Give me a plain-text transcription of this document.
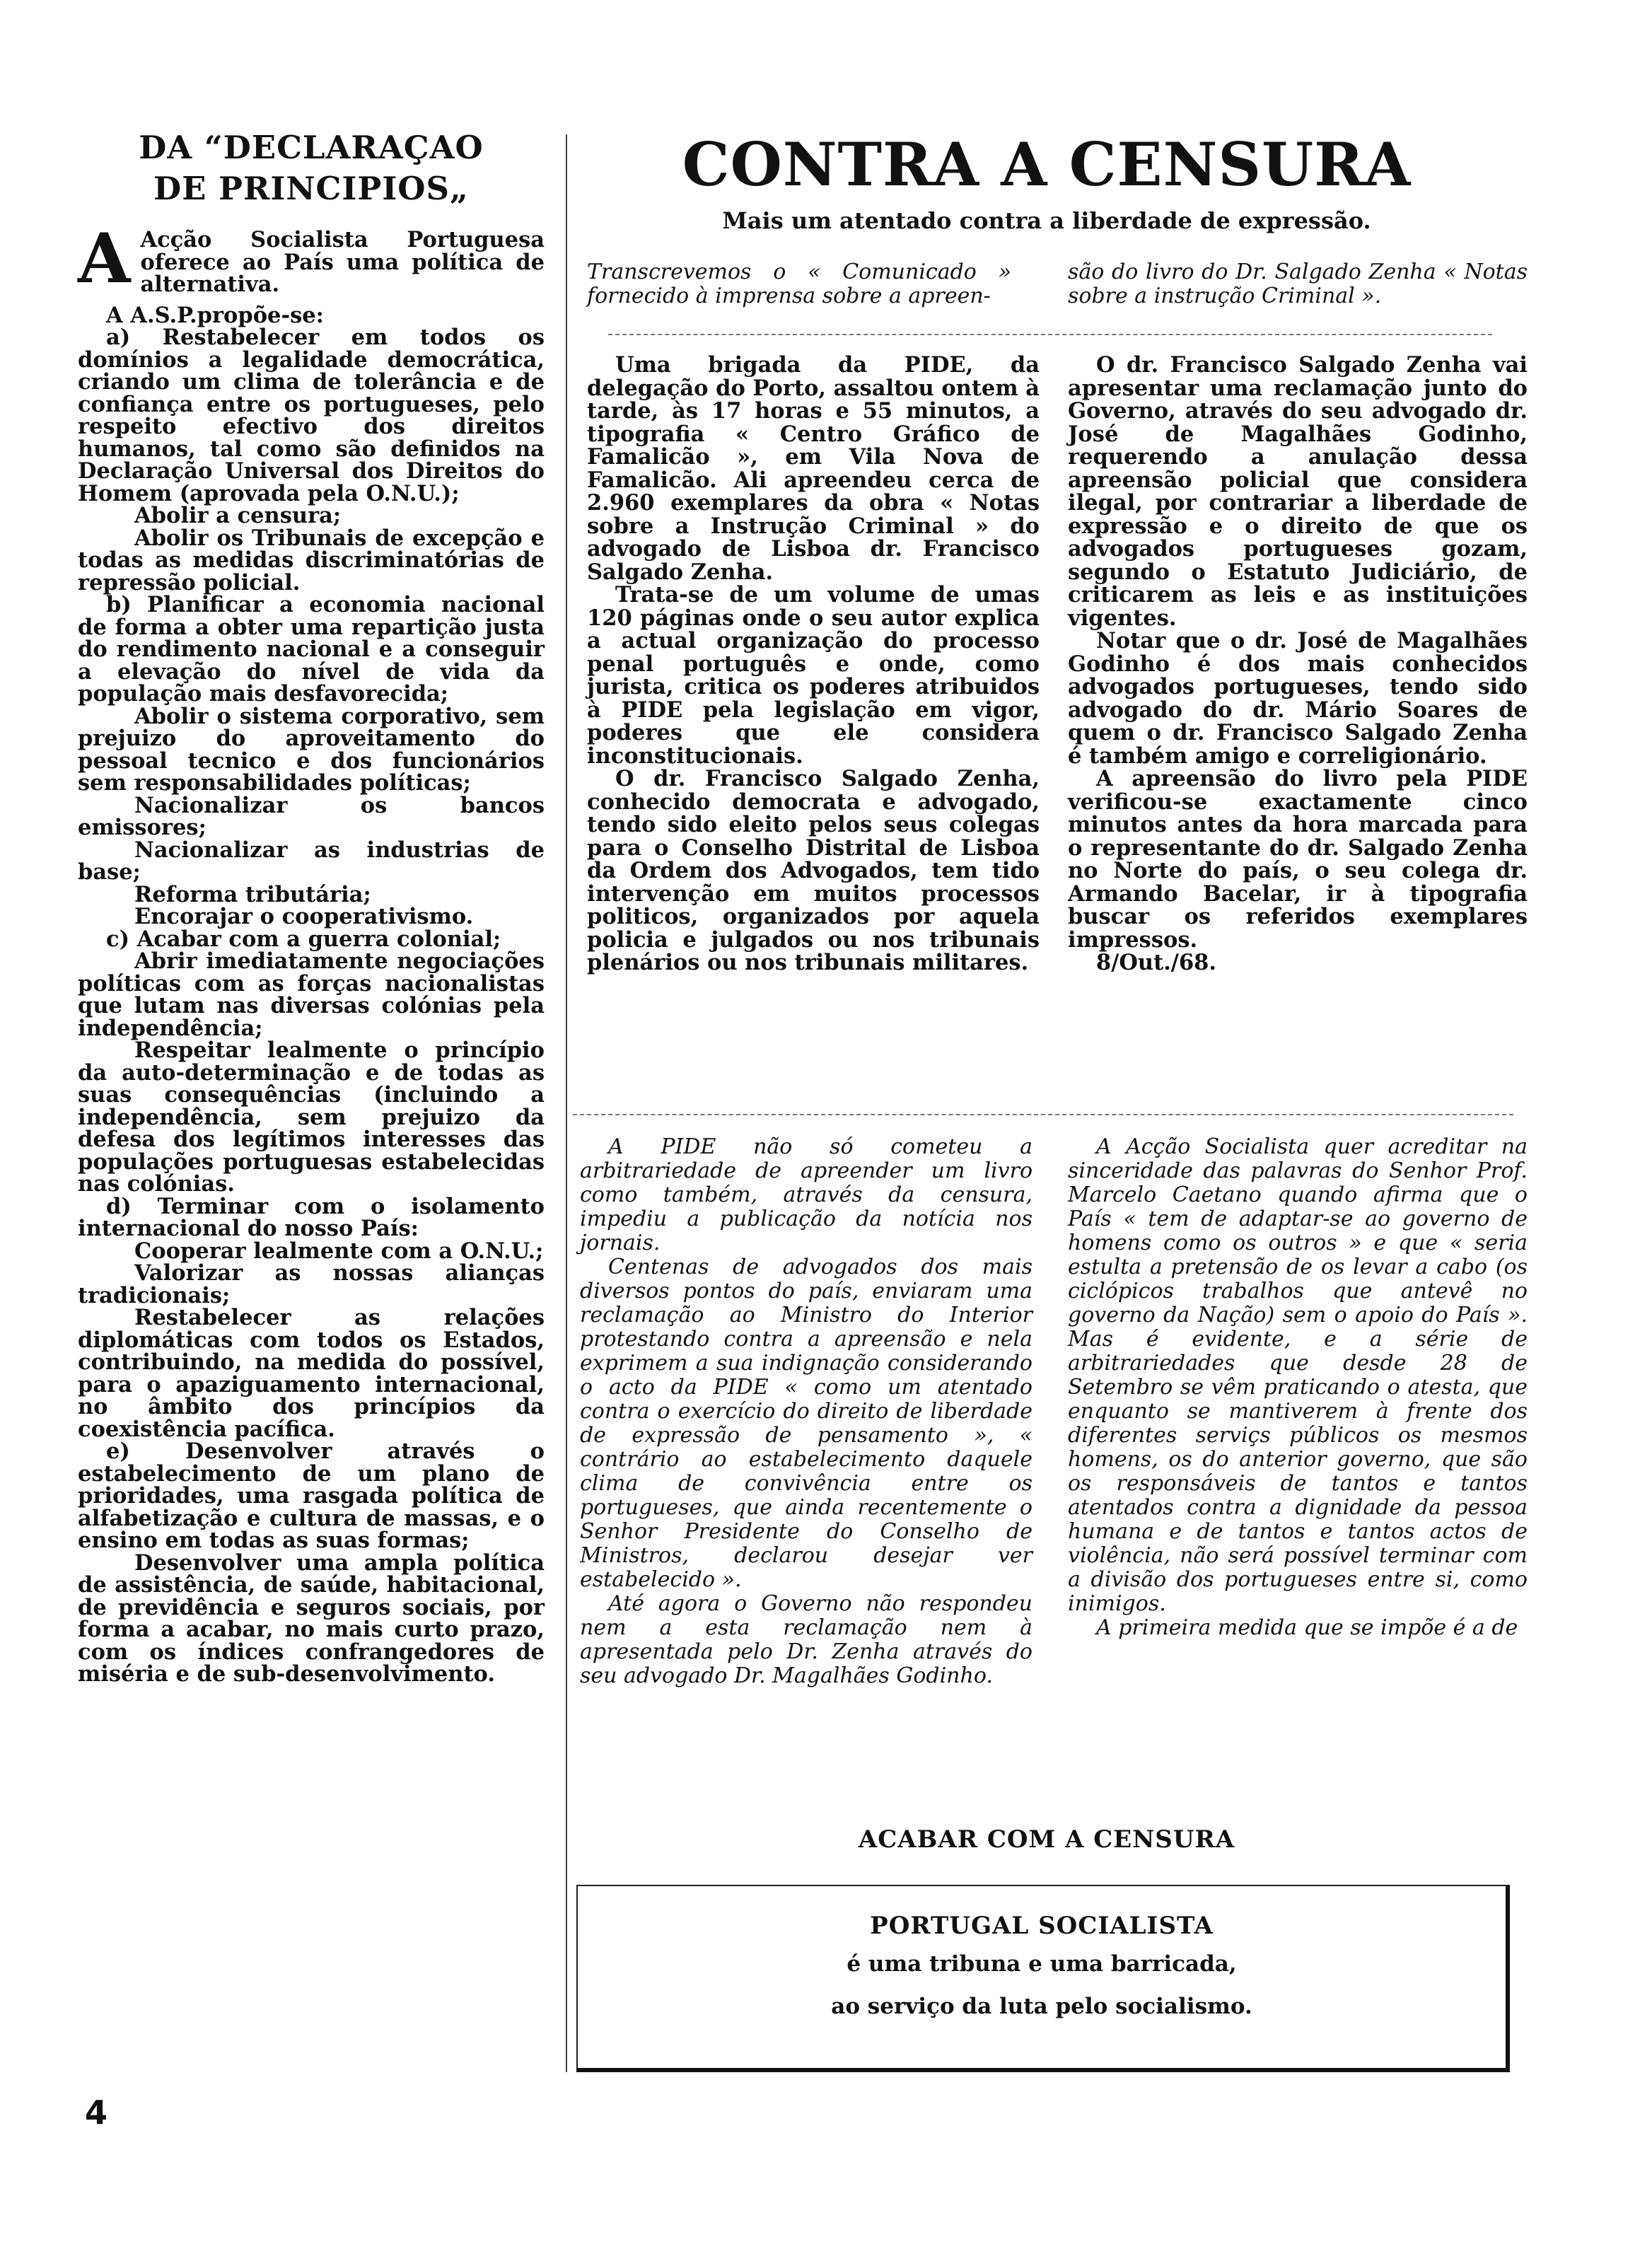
DA “DECLARAÇAO
DE PRINCIPIOS„

A Acção Socialista Portuguesa oferece ao País uma política de alternativa.

A A.S.P.propõe-se:

a) Restabelecer em todos os domínios a legalidade democrática, criando um clima de tolerância e de confiança entre os portugueses, pelo respeito efectivo dos direitos humanos, tal como são definidos na Declaração Universal dos Direitos do Homem (aprovada pela O.N.U.);

Abolir a censura;

Abolir os Tribunais de excepção e todas as medidas discriminatórias de repressão policial.

b) Planificar a economia nacional de forma a obter uma repartição justa do rendimento nacional e a conseguir a elevação do nível de vida da população mais desfavorecida;

Abolir o sistema corporativo, sem prejuizo do aproveitamento do pessoal tecnico e dos funcionários sem responsabilidades políticas;

Nacionalizar os bancos emissores;

Nacionalizar as industrias de base;

Reforma tributária;

Encorajar o cooperativismo.

c) Acabar com a guerra colonial;

Abrir imediatamente negociações políticas com as forças nacionalistas que lutam nas diversas colónias pela independência;

Respeitar lealmente o princípio da auto-determinação e de todas as suas consequências (incluindo a independência, sem prejuizo da defesa dos legítimos interesses das populações portuguesas estabelecidas nas colónias.

d) Terminar com o isolamento internacional do nosso País:

Cooperar lealmente com a O.N.U.;

Valorizar as nossas alianças tradicionais;

Restabelecer as relações diplomáticas com todos os Estados, contribuindo, na medida do possível, para o apaziguamento internacional, no âmbito dos princípios da coexistência pacífica.

e) Desenvolver através o estabelecimento de um plano de prioridades, uma rasgada política de alfabetização e cultura de massas, e o ensino em todas as suas formas;

Desenvolver uma ampla política de assistência, de saúde, habitacional, de previdência e seguros sociais, por forma a acabar, no mais curto prazo, com os índices confrangedores de miséria e de sub-desenvolvimento.

CONTRA A CENSURA
Mais um atentado contra a liberdade de expressão.
Transcrevemos o « Comunicado » fornecido à imprensa sobre a apreen-
são do livro do Dr. Salgado Zenha « Notas sobre a instrução Criminal ».

Uma brigada da PIDE, da delegação do Porto, assaltou ontem à tarde, às 17 horas e 55 minutos, a tipografia « Centro Gráfico de Famalicão », em Vila Nova de Famalicão. Ali apreendeu cerca de 2.960 exemplares da obra « Notas sobre a Instrução Criminal » do advogado de Lisboa dr. Francisco Salgado Zenha.

Trata-se de um volume de umas 120 páginas onde o seu autor explica a actual organização do processo penal português e onde, como jurista, critica os poderes atribuidos à PIDE pela legislação em vigor, poderes que ele considera inconstitucionais.

O dr. Francisco Salgado Zenha, conhecido democrata e advogado, tendo sido eleito pelos seus colegas para o Conselho Distrital de Lisboa da Ordem dos Advogados, tem tido intervenção em muitos processos politicos, organizados por aquela policia e julgados ou nos tribunais plenários ou nos tribunais militares.

O dr. Francisco Salgado Zenha vai apresentar uma reclamação junto do Governo, através do seu advogado dr. José de Magalhães Godinho, requerendo a anulação dessa apreensão policial que considera ilegal, por contrariar a liberdade de expressão e o direito de que os advogados portugueses gozam, segundo o Estatuto Judiciário, de criticarem as leis e as instituições vigentes.

Notar que o dr. José de Magalhães Godinho é dos mais conhecidos advogados portugueses, tendo sido advogado do dr. Mário Soares de quem o dr. Francisco Salgado Zenha é também amigo e correligionário.

A apreensão do livro pela PIDE verificou-se exactamente cinco minutos antes da hora marcada para o representante do dr. Salgado Zenha no Norte do país, o seu colega dr. Armando Bacelar, ir à tipografia buscar os referidos exemplares impressos.

8/Out./68.

A PIDE não só cometeu a arbitrariedade de apreender um livro como também, através da censura, impediu a publicação da notícia nos jornais.

Centenas de advogados dos mais diversos pontos do país, enviaram uma reclamação ao Ministro do Interior protestando contra a apreensão e nela exprimem a sua indignação considerando o acto da PIDE « como um atentado contra o exercício do direito de liberdade de expressão de pensamento », « contrário ao estabelecimento daquele clima de convivência entre os portugueses, que ainda recentemente o Senhor Presidente do Conselho de Ministros, declarou desejar ver estabelecido ».

Até agora o Governo não respondeu nem a esta reclamação nem à apresentada pelo Dr. Zenha através do seu advogado Dr. Magalhães Godinho.

A Acção Socialista quer acreditar na sinceridade das palavras do Senhor Prof. Marcelo Caetano quando afirma que o País « tem de adaptar-se ao governo de homens como os outros » e que « seria estulta a pretensão de os levar a cabo (os ciclópicos trabalhos que antevê no governo da Nação) sem o apoio do País ». Mas é evidente, e a série de arbitrariedades que desde 28 de Setembro se vêm praticando o atesta, que enquanto se mantiverem à frente dos diferentes serviçs públicos os mesmos homens, os do anterior governo, que são os responsáveis de tantos e tantos atentados contra a dignidade da pessoa humana e de tantos e tantos actos de violência, não será possível terminar com a divisão dos portugueses entre si, como inimigos.

A primeira medida que se impõe é a de

ACABAR COM A CENSURA
PORTUGAL SOCIALISTA
é uma tribuna e uma barricada,
ao serviço da luta pelo socialismo.
4
